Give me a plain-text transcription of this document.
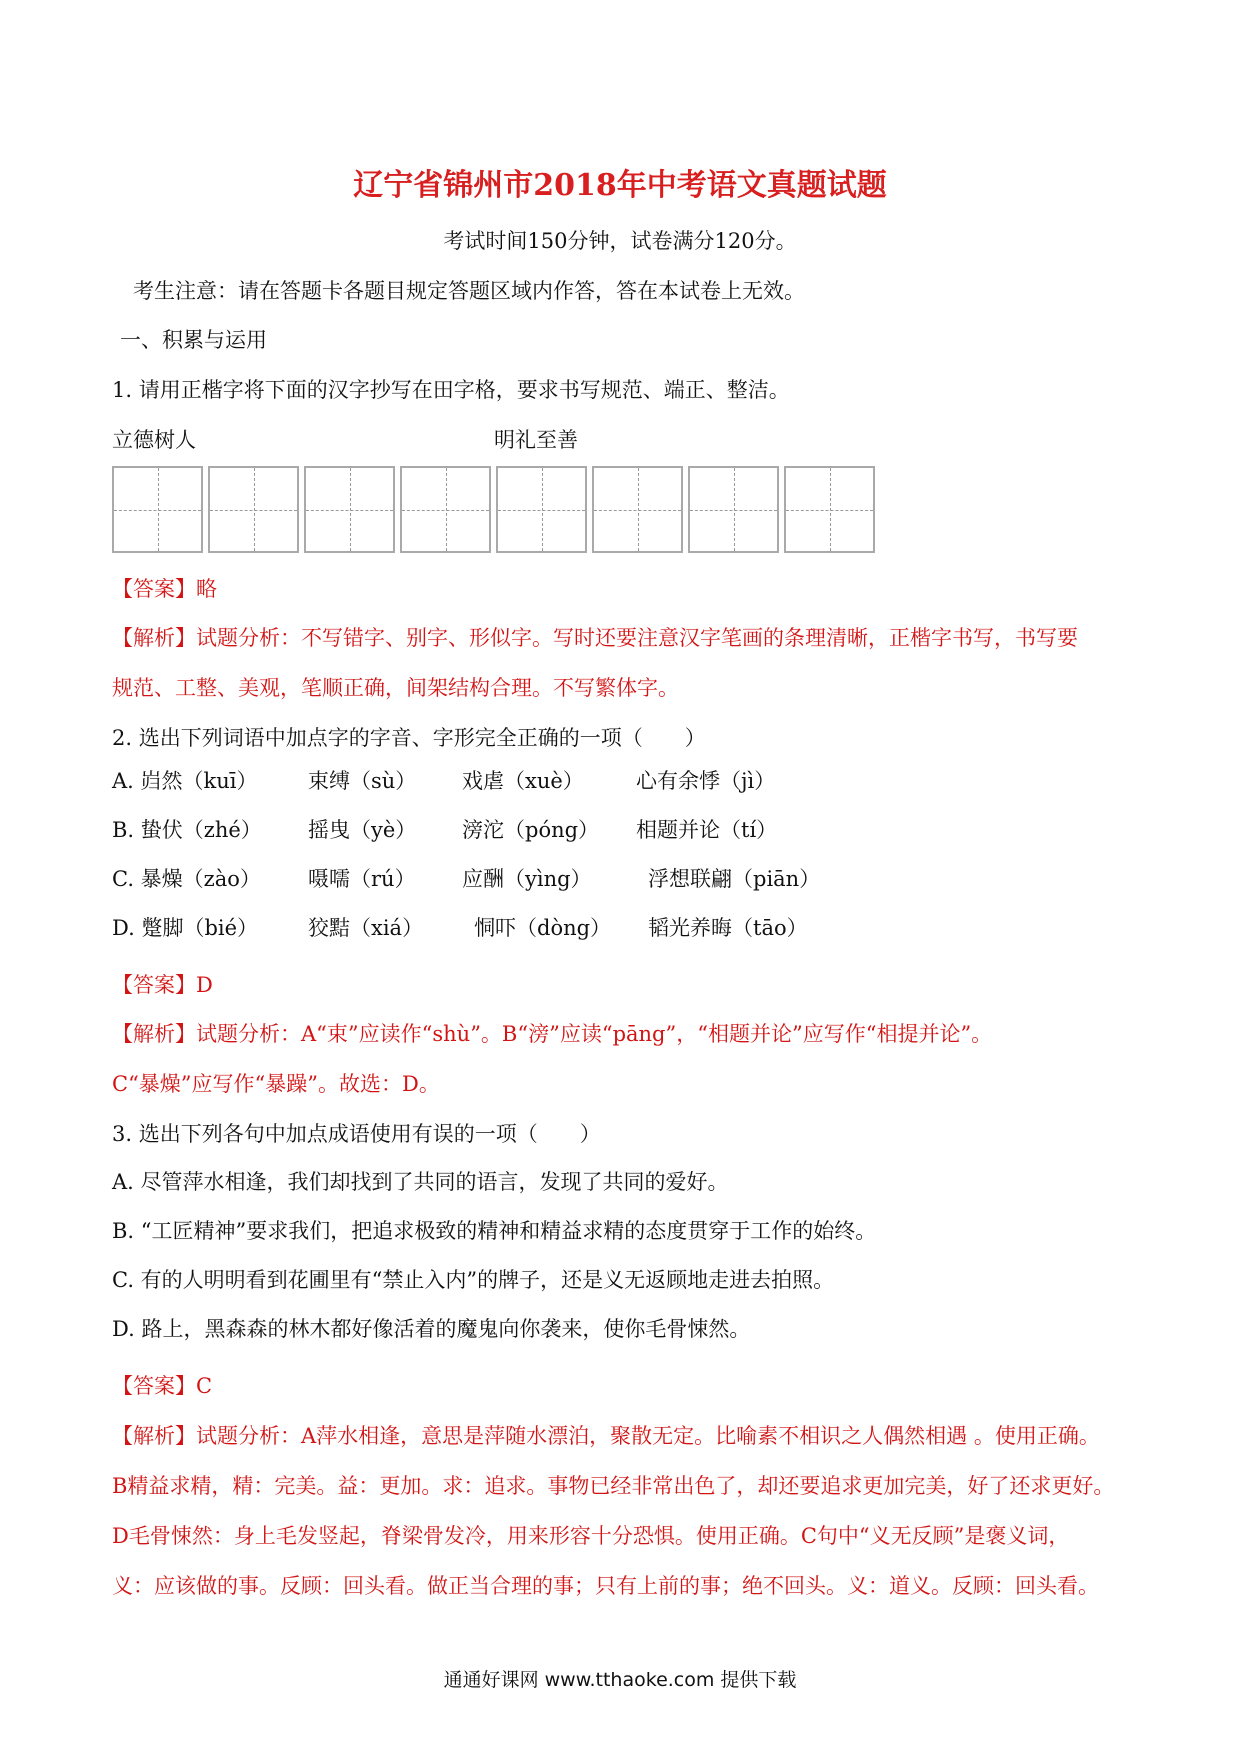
辽宁省锦州市2018年中考语文真题试题
考试时间150分钟，试卷满分120分。
考生注意：请在答题卡各题目规定答题区域内作答，答在本试卷上无效。
一、积累与运用
1. 请用正楷字将下面的汉字抄写在田字格，要求书写规范、端正、整洁。
立德树人	明礼至善
【答案】略
【解析】试题分析：不写错字、别字、形似字。写时还要注意汉字笔画的条理清晰，正楷字书写，书写要
规范、工整、美观，笔顺正确，间架结构合理。不写繁体字。
2. 选出下列词语中加点字的字音、字形完全正确的一项（　　）
A. 岿然（kuī） 束缚（sù） 戏虐（xuè） 心有余悸（jì）
B. 蛰伏（zhé） 摇曳（yè） 滂沱（póng） 相题并论（tí）
C. 暴燥（zào） 嗫嚅（rú） 应酬（yìng）	浮想联翩（piān）
D. 蹩脚（bié） 狡黠（xiá） 恫吓（dòng） 韬光养晦（tāo）
【答案】D
【解析】试题分析：A“束”应读作“shù”。B“滂”应读“pāng”，“相题并论”应写作“相提并论”。
C“暴燥”应写作“暴躁”。故选：D。
3. 选出下列各句中加点成语使用有误的一项（　　）
A. 尽管萍水相逢，我们却找到了共同的语言，发现了共同的爱好。
B. “工匠精神”要求我们，把追求极致的精神和精益求精的态度贯穿于工作的始终。
C. 有的人明明看到花圃里有“禁止入内”的牌子，还是义无返顾地走进去拍照。
D. 路上，黑森森的林木都好像活着的魔鬼向你袭来，使你毛骨悚然。
【答案】C
【解析】试题分析：A萍水相逢，意思是萍随水漂泊，聚散无定。比喻素不相识之人偶然相遇 。使用正确。
B精益求精，精：完美。益：更加。求：追求。事物已经非常出色了，却还要追求更加完美，好了还求更好。
D毛骨悚然：身上毛发竖起，脊梁骨发冷，用来形容十分恐惧。使用正确。C句中“义无反顾”是褒义词，
义：应该做的事。反顾：回头看。做正当合理的事；只有上前的事；绝不回头。义：道义。反顾：回头看。
通通好课网 www.tthaoke.com 提供下载
